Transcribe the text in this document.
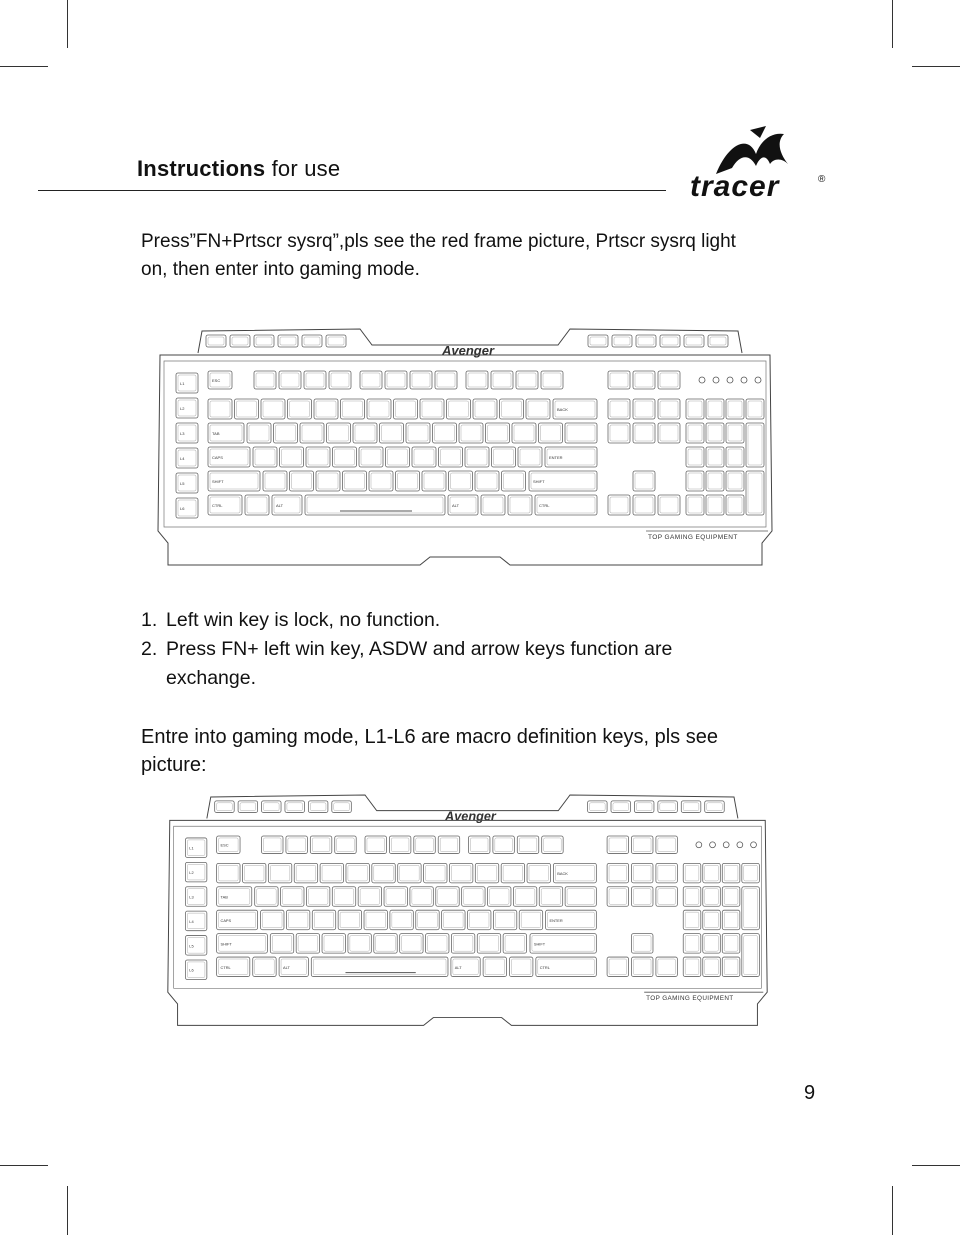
Instructions for use
tracer	®
Press”FN+Prtscr sysrq”,pls see the red frame picture, Prtscr sysrq light
on, then enter into gaming mode.
Avenger
L1
L2
L3
L4
L5
L6
ESC
BACK
TAB
CAPS	ENTER
SHIFT	SHIFT
CTRL	ALT	ALT	CTRL
TOP GAMING EQUIPMENT
1. Left win key is lock, no function.
2. Press FN+ left win key, ASDW and arrow keys function are
exchange.
Entre into gaming mode, L1-L6 are macro definition keys, pls see
picture:
Avenger
L1
L2
L3
L4
L5
L6
ESC
BACK
TAB
CAPS	ENTER
SHIFT	SHIFT
CTRL	ALT	ALT	CTRL
TOP GAMING EQUIPMENT
9
